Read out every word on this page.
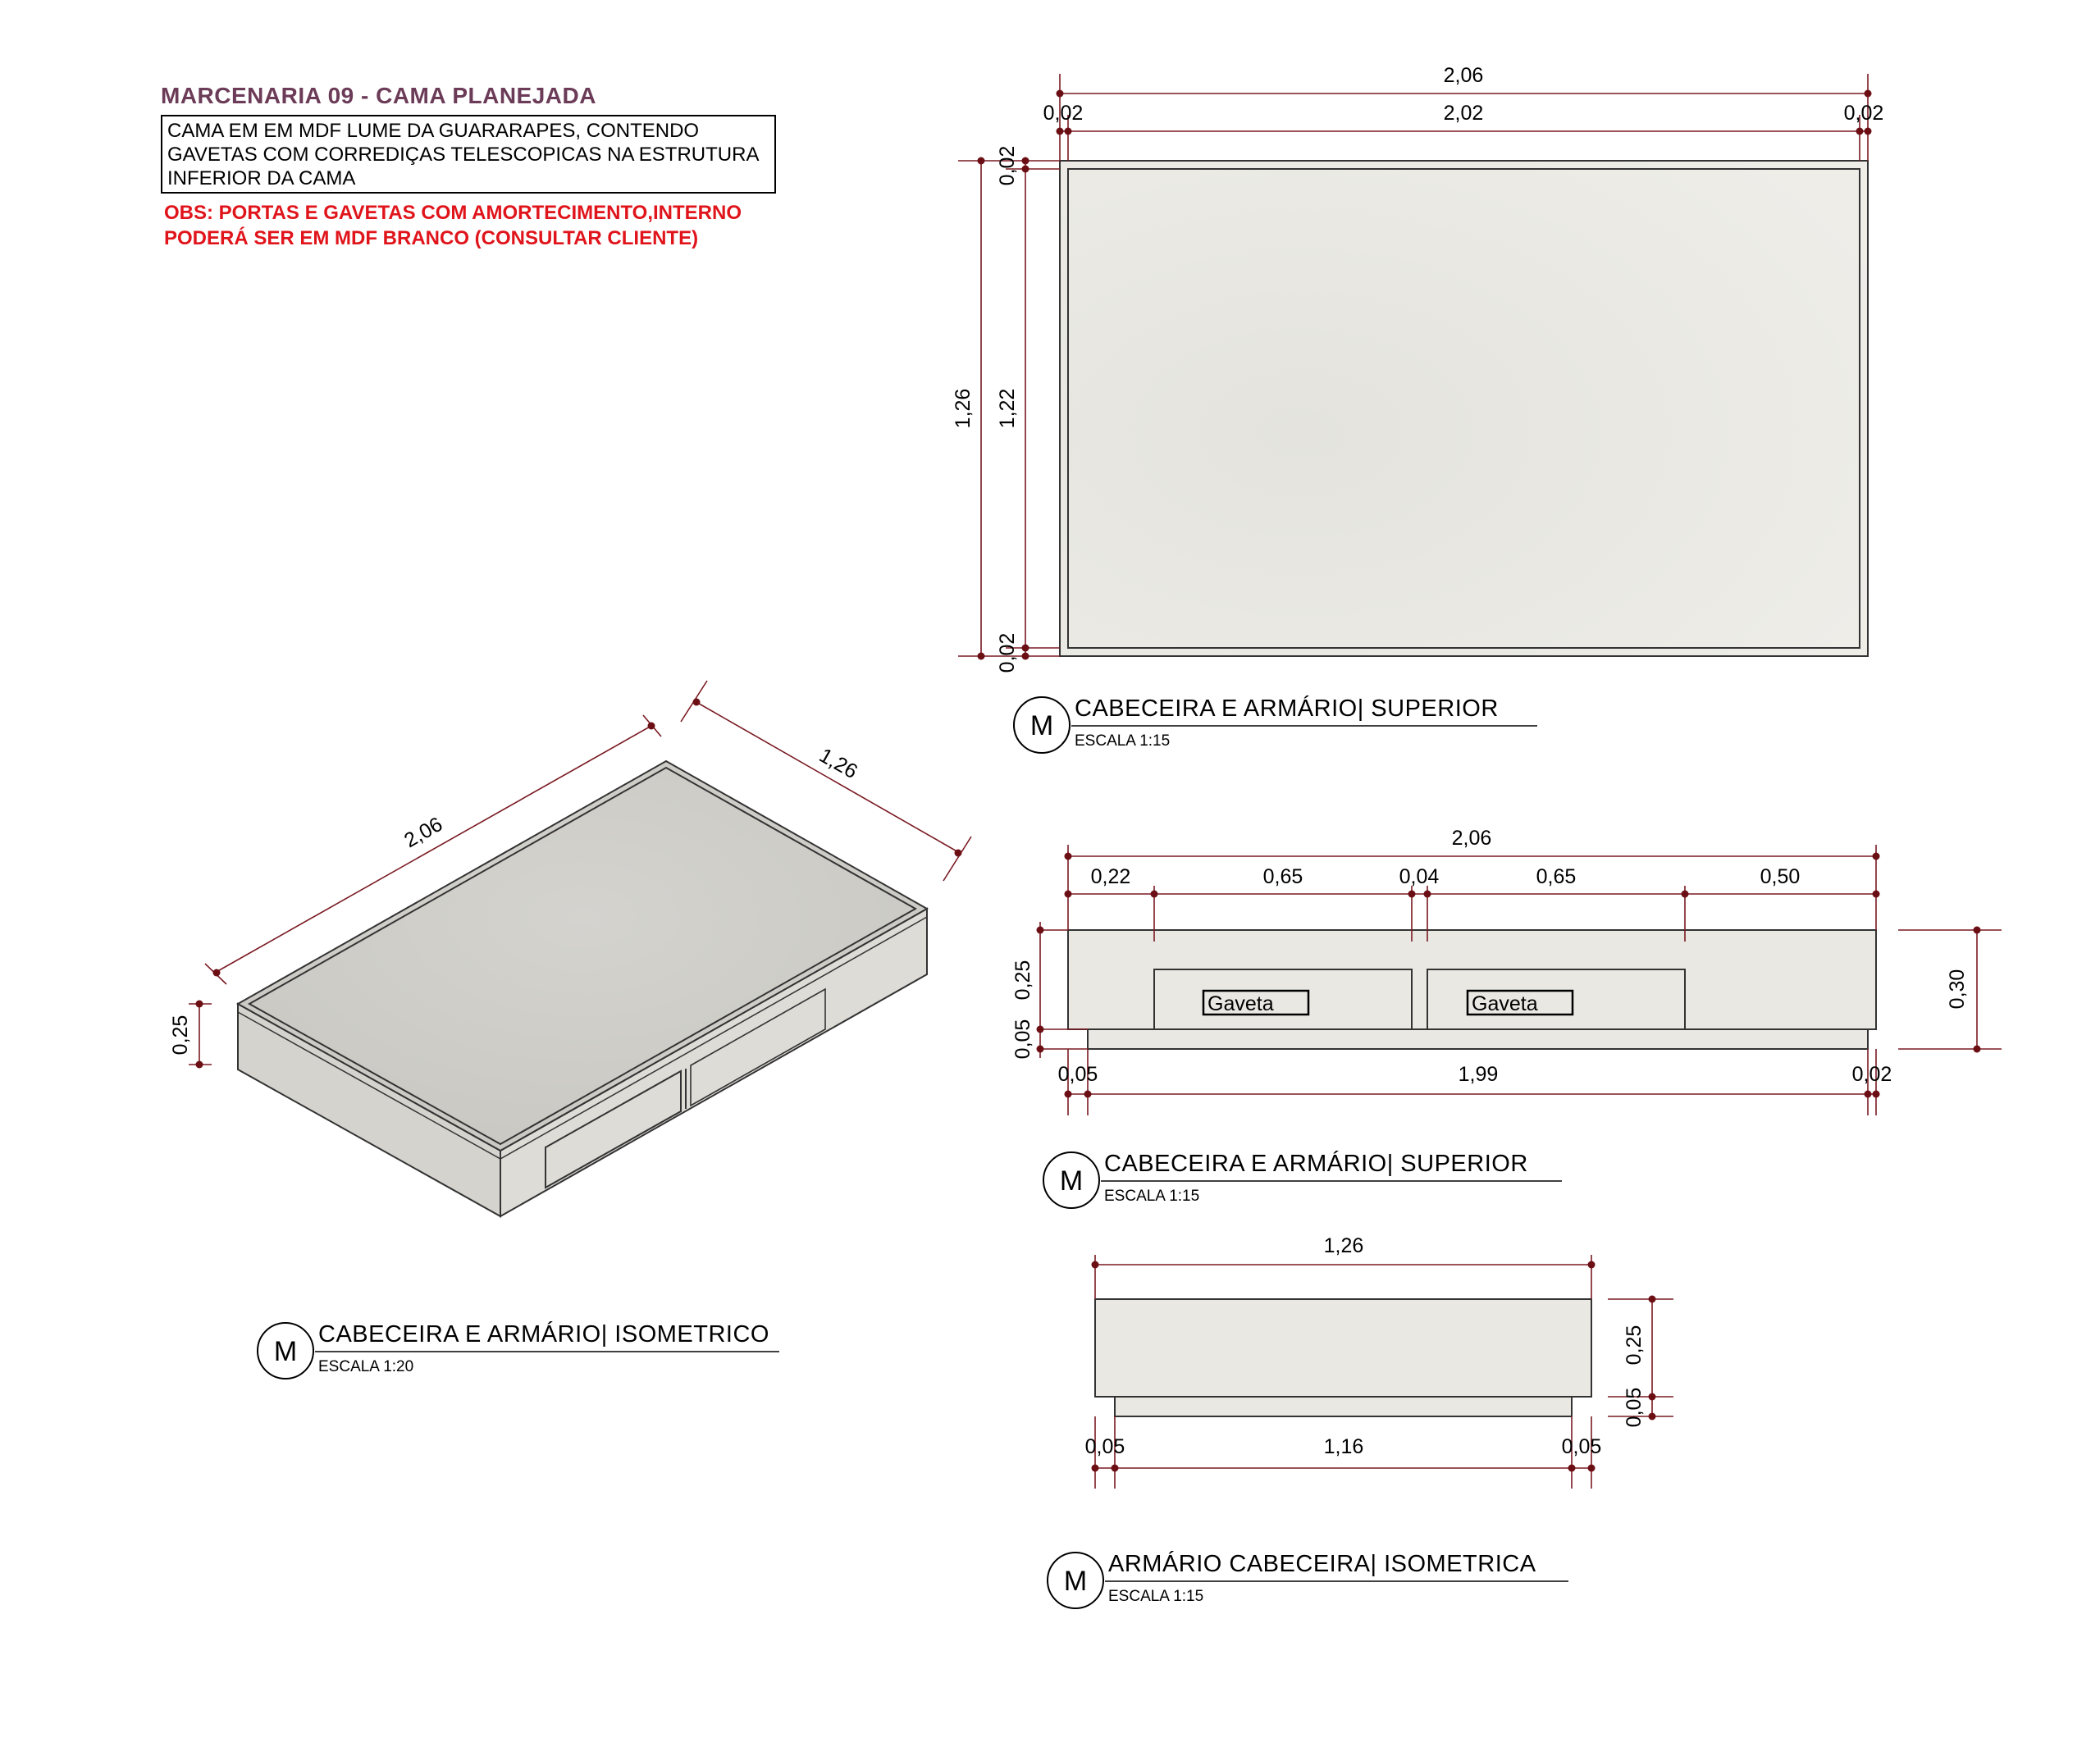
MARCENARIA 09 - CAMA PLANEJADA
CAMA EM EM MDF LUME DA GUARARAPES, CONTENDO
GAVETAS COM CORREDIÇAS TELESCOPICAS NA ESTRUTURA
INFERIOR DA CAMA
OBS: PORTAS E GAVETAS COM AMORTECIMENTO,INTERNO
PODERÁ SER EM MDF BRANCO (CONSULTAR CLIENTE)
2,06
0,02	2,02	0,02
1,26 1,22
0,02
0,02
M
CABECEIRA E ARMÁRIO| SUPERIOR
ESCALA 1:15
Gaveta	Gaveta
2,06
0,22	0,65	0,04	0,65	0,50
0,25
0,05
0,30
0,05	1,99	0,02
M
CABECEIRA E ARMÁRIO| SUPERIOR
ESCALA 1:15
1,26
0,25
0,05
0,05	1,16	0,05
M
ARMÁRIO CABECEIRA| ISOMETRICA
ESCALA 1:15
2,06
1,26
0,25
M
CABECEIRA E ARMÁRIO| ISOMETRICO
ESCALA 1:20
